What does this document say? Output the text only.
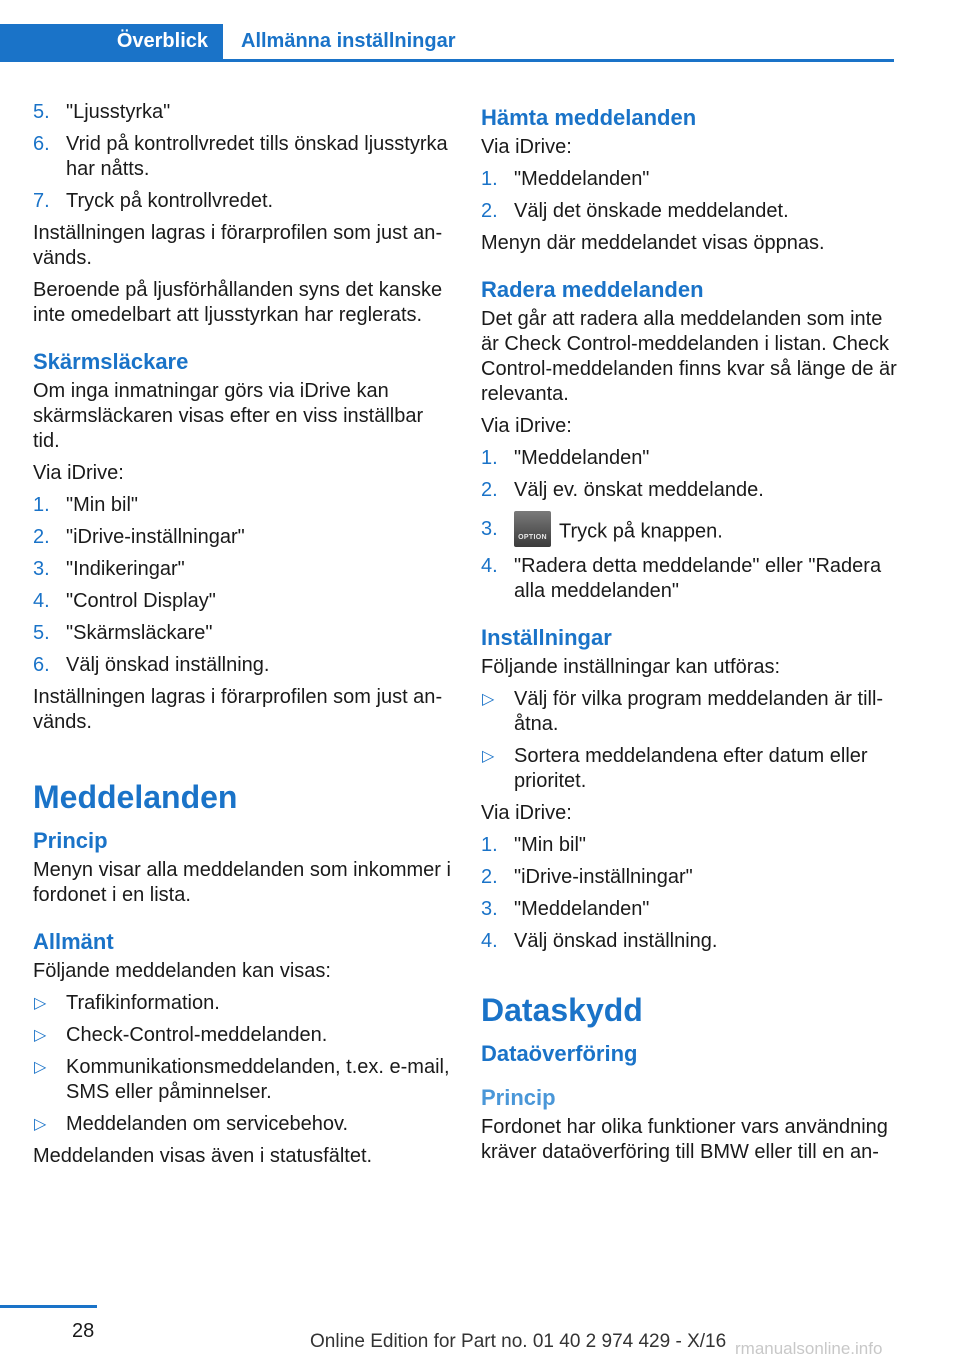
Överblick	Allmänna inställningar
5. "Ljusstyrka"
6. Vrid på kontrollvredet tills önskad ljusstyrka har nåtts.
7. Tryck på kontrollvredet.

Inställningen lagras i förarprofilen som just används.

Beroende på ljusförhållanden syns det kanske inte omedelbart att ljusstyrkan har reglerats.

Skärmsläckare

Om inga inmatningar görs via iDrive kan skärmsläckaren visas efter en viss inställbar tid.

Via iDrive:

1. "Min bil"
2. "iDrive-inställningar"
3. "Indikeringar"
4. "Control Display"
5. "Skärmsläckare"
6. Välj önskad inställning.

Inställningen lagras i förarprofilen som just används.

Meddelanden
Princip

Menyn visar alla meddelanden som inkommer i fordonet i en lista.

Allmänt

Följande meddelanden kan visas:

▷ Trafikinformation.
▷ Check-Control-meddelanden.
▷ Kommunikationsmeddelanden, t.ex. e-mail, SMS eller påminnelser.
▷ Meddelanden om servicebehov.

Meddelanden visas även i statusfältet.

Hämta meddelanden

Via iDrive:

1. "Meddelanden"
2. Välj det önskade meddelandet.

Menyn där meddelandet visas öppnas.

Radera meddelanden

Det går att radera alla meddelanden som inte är Check Control-meddelanden i listan. Check Control-meddelanden finns kvar så länge de är relevanta.

Via iDrive:

1. "Meddelanden"
2. Välj ev. önskat meddelande.
3.	OPTION Tryck på knappen.
4. "Radera detta meddelande" eller "Radera alla meddelanden"
Inställningar

Följande inställningar kan utföras:

▷ Välj för vilka program meddelanden är tillåtna.
▷ Sortera meddelandena efter datum eller prioritet.

Via iDrive:

1. "Min bil"
2. "iDrive-inställningar"
3. "Meddelanden"
4. Välj önskad inställning.
Dataskydd
Dataöverföring
Princip

Fordonet har olika funktioner vars användning kräver dataöverföring till BMW eller till en an-

28	Online Edition for Part no. 01 40 2 974 429 - X/16 rmanualsonline.info
